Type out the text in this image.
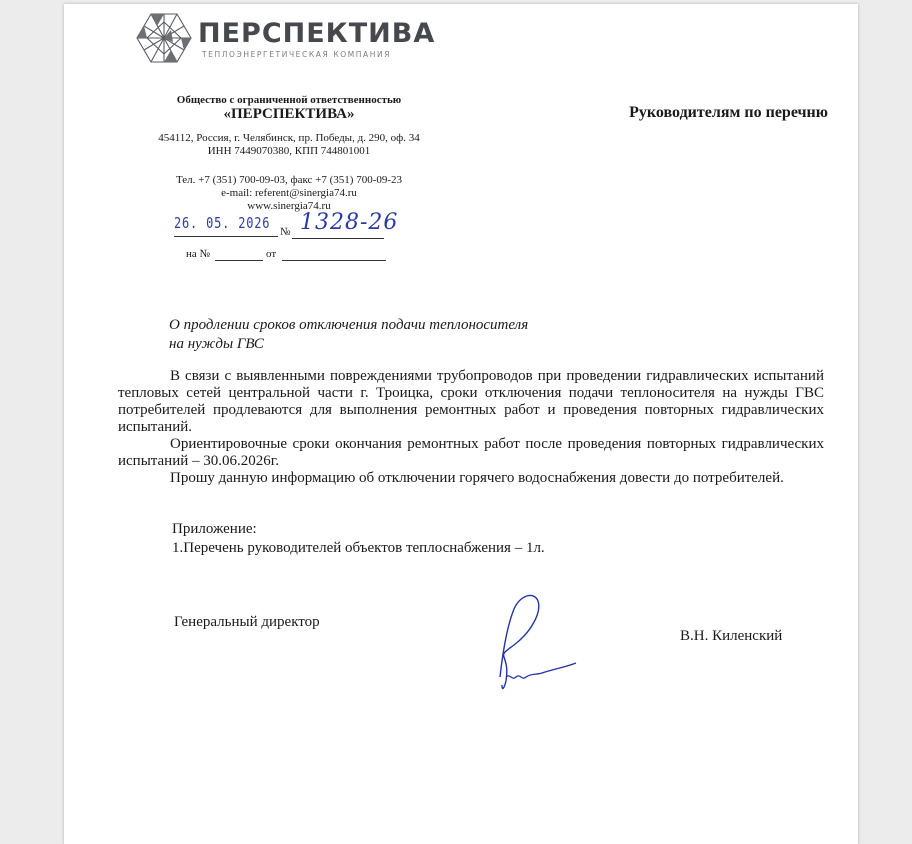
ПЕРСПЕКТИВА
ТЕПЛОЭНЕРГЕТИЧЕСКАЯ КОМПАНИЯ
Общество с ограниченной ответственностью
«ПЕРСПЕКТИВА»
454112, Россия, г. Челябинск, пр. Победы, д. 290, оф. 34
ИНН 7449070380, КПП 744801001
Тел. +7 (351) 700-09-03, факс +7 (351) 700-09-23
e-mail: referent@sinergia74.ru
www.sinergia74.ru
26. 05. 2026 № 1328-26
на №	от
Руководителям по перечню
О продлении сроков отключения подачи теплоносителя
на нужды ГВС

В связи с выявленными повреждениями трубопроводов при проведении гидравлических испытаний тепловых сетей центральной части г. Троицка, сроки отключения подачи теплоносителя на нужды ГВС потребителей продлеваются для выполнения ремонтных работ и проведения повторных гидравлических испытаний.

Ориентировочные сроки окончания ремонтных работ после проведения повторных гидравлических испытаний – 30.06.2026г.

Прошу данную информацию об отключении горячего водоснабжения довести до потребителей.

Приложение:
1.Перечень руководителей объектов теплоснабжения – 1л.
Генеральный директор
В.Н. Киленский
